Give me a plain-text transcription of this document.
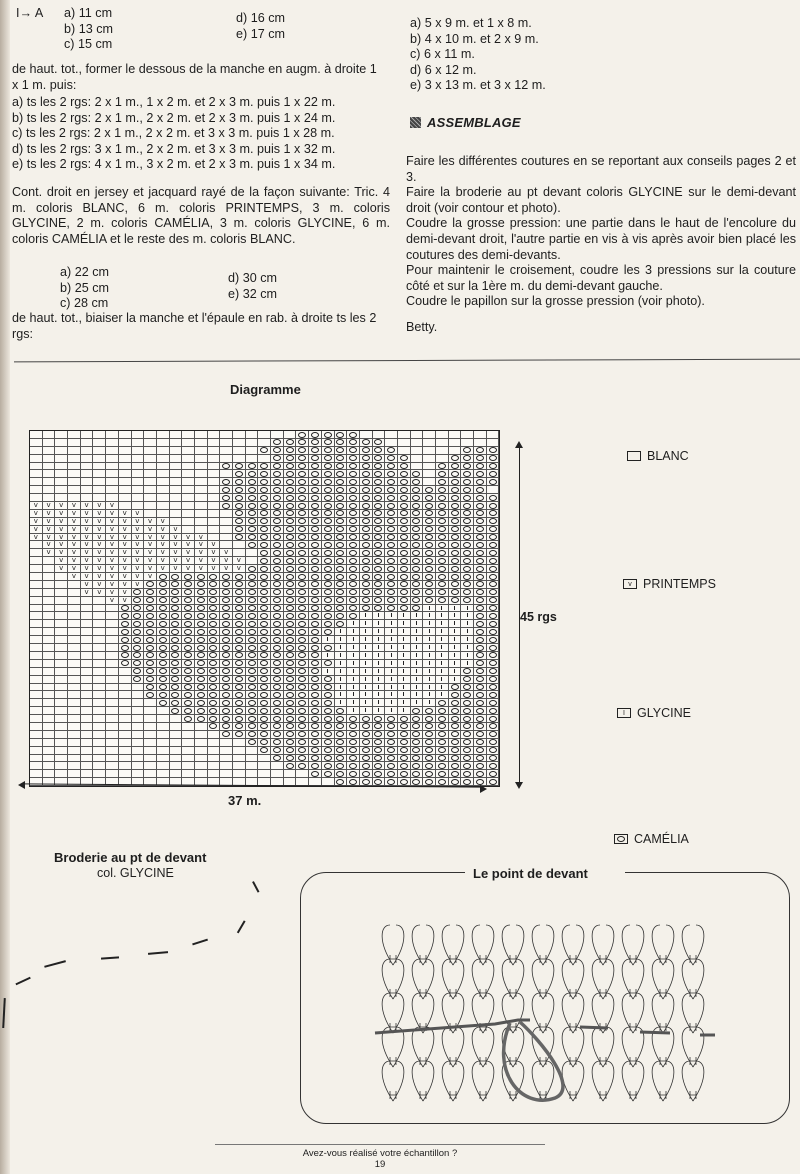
I→ A a) 11 cm
b) 13 cm
c) 15 cm
d) 16 cm
e) 17 cm
de haut. tot., former le dessous de la manche en augm. à droite 1 x 1 m. puis:
a) ts les 2 rgs: 2 x 1 m., 1 x 2 m. et 2 x 3 m. puis 1 x 22 m.
b) ts les 2 rgs: 2 x 1 m., 2 x 2 m. et 2 x 3 m. puis 1 x 24 m.
c) ts les 2 rgs: 2 x 1 m., 2 x 2 m. et 3 x 3 m. puis 1 x 28 m.
d) ts les 2 rgs: 3 x 1 m., 2 x 2 m. et 3 x 3 m. puis 1 x 32 m.
e) ts les 2 rgs: 4 x 1 m., 3 x 2 m. et 2 x 3 m. puis 1 x 34 m.
Cont. droit en jersey et jacquard rayé de la façon suivante: Tric. 4 m. coloris BLANC, 6 m. coloris PRINTEMPS, 3 m. coloris GLYCINE, 2 m. coloris CAMÉLIA, 3 m. coloris GLYCINE, 6 m. coloris CAMÉLIA et le reste des m. coloris BLANC.
a) 22 cm
b) 25 cm
c) 28 cm
d) 30 cm
e) 32 cm
de haut. tot., biaiser la manche et l'épaule en rab. à droite ts les 2 rgs:
a) 5 x 9 m. et 1 x 8 m.
b) 4 x 10 m. et 2 x 9 m.
c) 6 x 11 m.
d) 6 x 12 m.
e) 3 x 13 m. et 3 x 12 m.
ASSEMBLAGE
Faire les différentes coutures en se reportant aux conseils pages 2 et 3.
Faire la broderie au pt devant coloris GLYCINE sur le demi-devant droit (voir contour et photo).
Coudre la grosse pression: une partie dans le haut de l'encolure du demi-devant droit, l'autre partie en vis à vis après avoir bien placé les coutures des demi-devants.
Pour maintenir le croisement, coudre les 3 pressions sur la couture côté et sur la 1ère m. du demi-devant gauche.
Coudre le papillon sur la grosse pression (voir photo).
Betty.
Diagramme
v
v
v
v
v
v
v
v
v
v
v
v
v
v
v
v
v
v
v
v
v
v
v
v
v
v
v
v
v
v
v
v
v
v
v
v
v
v
v
v
v
v
v
v
v
v
v
v
v
v
v
v
v
v
v
v
v
v
v
v
v
v
v
v
v
v
v
v
v
v
v
v
v
v
v
v
v
v
v
v
v
v
v
v
v
v
v
v
v
v
v
v
v
v
v
v
v
v
v
v
v
v
v
v
v
v
v
v
v
v
v
v
v
v
v
v
v
v
v
v
v
v
v
v
v
v
v
v
v
v
45 rgs
37 m.
BLANC
v PRINTEMPS
I GLYCINE
CAMÉLIA
Broderie au pt de devant
col. GLYCINE	Le point de devant
Avez-vous réalisé votre échantillon ?
19
